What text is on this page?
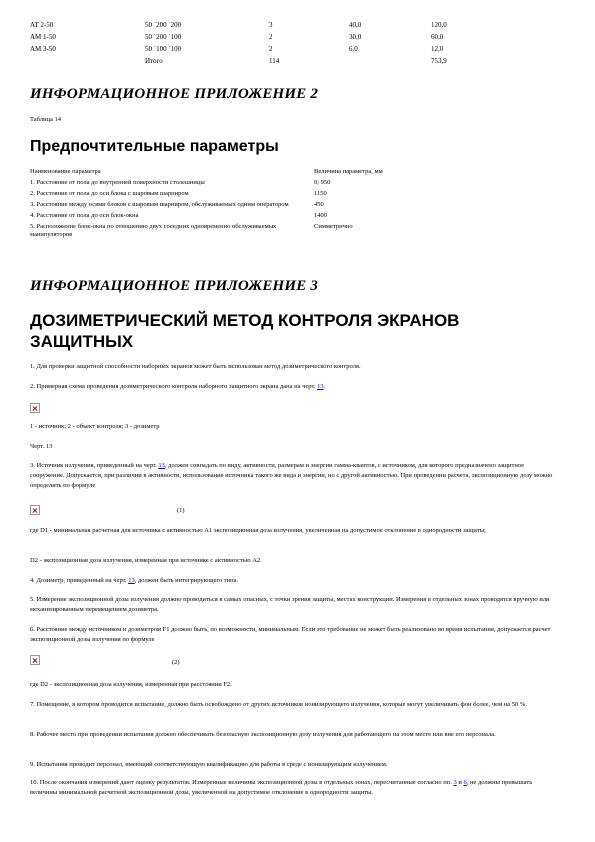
АТ 2-50	50 ˙200 ˙200	3	40,0	120,0
АМ 1-50	50 ˙200 ˙100	2	30,0	60,0
АМ 3-50	50 ˙100 ˙100	2	6,0	12,0
	Итого	114		753,9
ИНФОРМАЦИОННОЕ ПРИЛОЖЕНИЕ 2
Таблица 14
Предпочтительные параметры
Наименование параметра	Величина параметра, мм
1. Расстояние от пола до внутренней поверхности столешницы	0; 950
2. Расстояние от пола до оси блока с шаровым шарниром	1150
3. Расстояние между осями блоков с шаровым шарниром, обслуживаемых одним оператором	450
4. Расстояние от пола до оси блок-окна	1400
5. Расположение блок-окна по отношению двух соседних одновременно обслуживаемых манипуляторов	Симметрично
ИНФОРМАЦИОННОЕ ПРИЛОЖЕНИЕ 3
ДОЗИМЕТРИЧЕСКИЙ МЕТОД КОНТРОЛЯ ЭКРАНОВ ЗАЩИТНЫХ

1. Для проверки защитной способности наборных экранов может быть использован метод дозиметрического контроля.

2. Примерная схема проведения дозиметрического контроля наборного защитного экрана дана на черт. 13.

1 - источник; 2 - объект контроля; 3 - дозиметр

Черт. 13

3. Источник излучения, приведенный на черт. 13, должен совпадать по виду, активности, размерам и энергии гамма-квантов, с источником, для которого предназначено защитное сооружение. Допускается, при различии в активности, использование источника такого же вида и энергии, но с другой активностью. При проведении расчета, экспозиционную дозу можно определить по формуле

(1)

где D1 - минимальная расчетная для источника с активностью A1 экспозиционная доза излучения, увеличенная на допустимое отклонение в однородности защиты;

D2 - экспозиционная доза излучения, измеренная при источнике с активностью A2.

4. Дозиметр, приведенный на черт. 13, должен быть интегрирующего типа.

5. Измерение экспозиционной дозы излучения должно проводиться в самых опасных, с точки зрения защиты, местах конструкции. Измерения в отдельных зонах проводятся вручную или механизированным перемещением дозиметра.

6. Расстояние между источником и дозиметром F1 должно быть, по возможности, минимальным. Если это требование не может быть реализовано во время испытания, допускается расчет экспозиционной дозы излучения по формуле

(2)

где D2 - экспозиционная доза излучения, измеренная при расстоянии F2.

7. Помещение, в котором проводится испытание, должно быть освобождено от других источников ионизирующего излучения, которые могут увеличивать фон более, чем на 50 %.

8. Рабочее место при проведении испытания должно обеспечивать безопасную экспозиционную дозу излучения для работающего на этом месте или вне его персонала.

9. Испытания проводит персонал, имеющий соответствующую квалификацию для работы в среде с ионизирующим излучением.

10. После окончания измерений дают оценку результатов. Измеренные величины экспозиционной дозы в отдельных зонах, пересчитанные согласно пп. 3 и 6, не должны превышать величины минимальной расчетной экспозиционной дозы, увеличенной на допустимое отклонение в однородности защиты.
